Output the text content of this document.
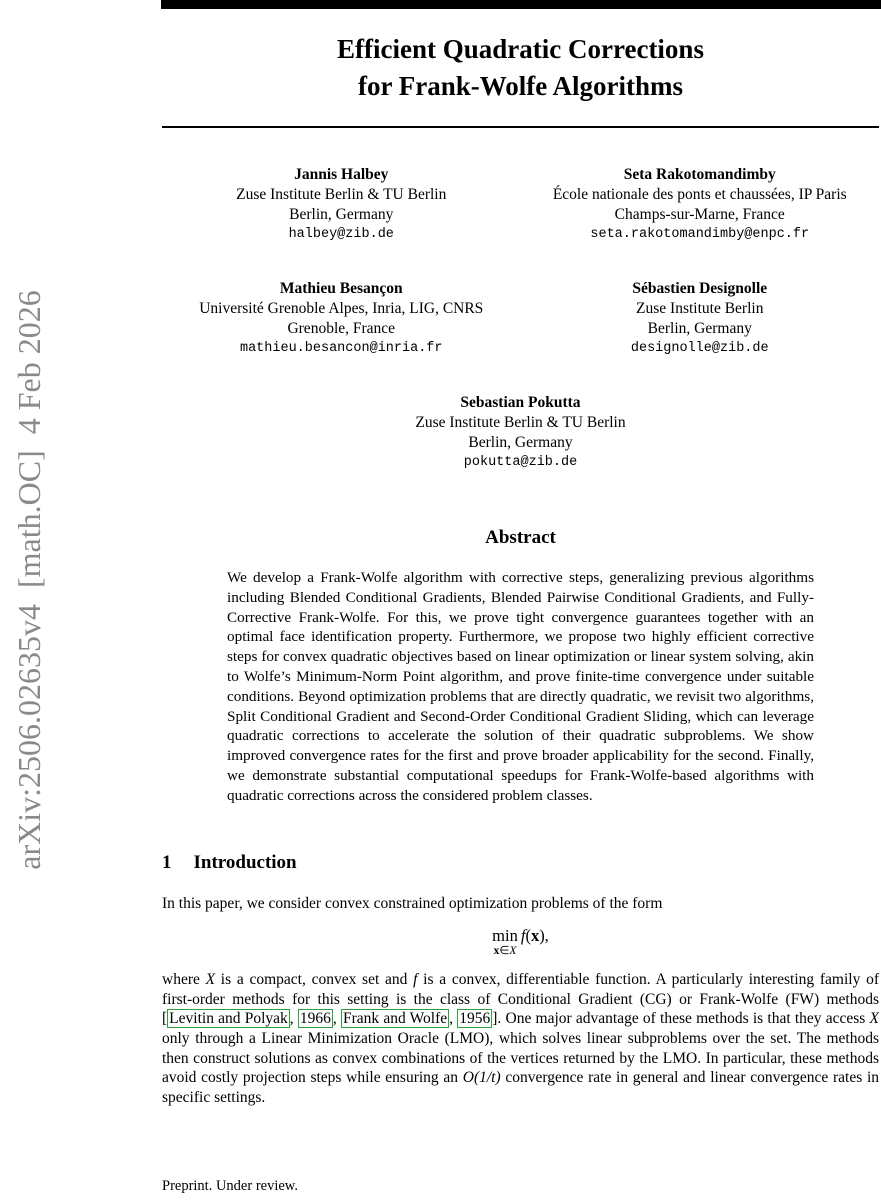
arXiv:2506.02635v4  [math.OC]  4 Feb 2026
Efficient Quadratic Corrections
for Frank-Wolfe Algorithms
Jannis Halbey
Zuse Institute Berlin & TU Berlin
Berlin, Germany
halbey@zib.de
Seta Rakotomandimby
École nationale des ponts et chaussées, IP Paris
Champs-sur-Marne, France
seta.rakotomandimby@enpc.fr
Mathieu Besançon
Université Grenoble Alpes, Inria, LIG, CNRS
Grenoble, France
mathieu.besancon@inria.fr
Sébastien Designolle
Zuse Institute Berlin
Berlin, Germany
designolle@zib.de
Sebastian Pokutta
Zuse Institute Berlin & TU Berlin
Berlin, Germany
pokutta@zib.de
Abstract

We develop a Frank-Wolfe algorithm with corrective steps, generalizing previous algorithms including Blended Conditional Gradients, Blended Pairwise Conditional Gradients, and Fully-Corrective Frank-Wolfe. For this, we prove tight convergence guarantees together with an optimal face identification property. Furthermore, we propose two highly efficient corrective steps for convex quadratic objectives based on linear optimization or linear system solving, akin to Wolfe’s Minimum-Norm Point algorithm, and prove finite-time convergence under suitable conditions. Beyond optimization problems that are directly quadratic, we revisit two algorithms, Split Conditional Gradient and Second-Order Conditional Gradient Sliding, which can leverage quadratic corrections to accelerate the solution of their quadratic subproblems. We show improved convergence rates for the first and prove broader applicability for the second. Finally, we demonstrate substantial computational speedups for Frank-Wolfe-based algorithms with quadratic corrections across the considered problem classes.

1 Introduction

In this paper, we consider convex constrained optimization problems of the form

min
x∈X
f(x),

where X is a compact, convex set and f is a convex, differentiable function. A particularly interesting family of first-order methods for this setting is the class of Conditional Gradient (CG) or Frank-Wolfe (FW) methods [ Levitin and Polyak , 1966 , Frank and Wolfe , 1956 ]. One major advantage of these methods is that they access X only through a Linear Minimization Oracle (LMO), which solves linear subproblems over the set. The methods then construct solutions as convex combinations of the vertices returned by the LMO. In particular, these methods avoid costly projection steps while ensuring an O(1/t) convergence rate in general and linear convergence rates in specific settings.

Preprint. Under review.
